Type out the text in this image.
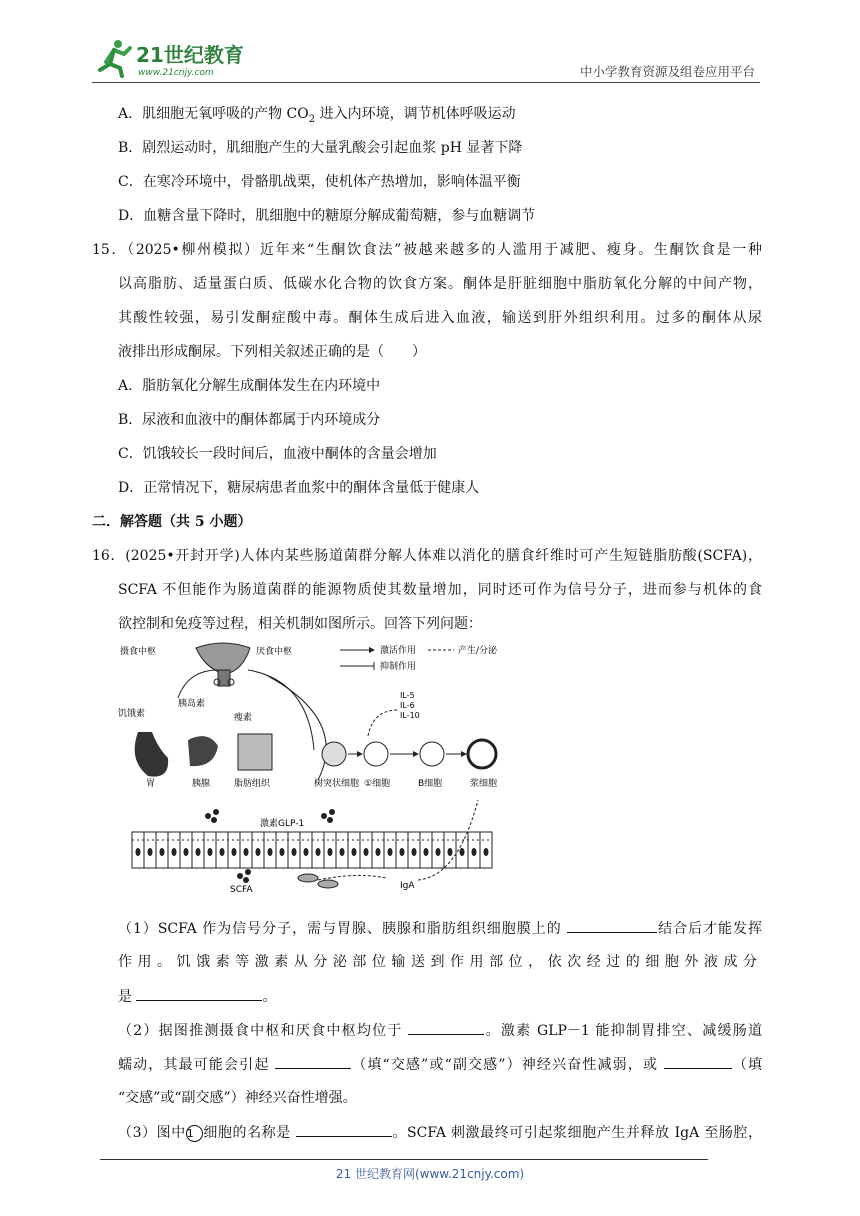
21世纪教育
www.21cnjy.com	中小学教育资源及组卷应用平台
A．肌细胞无氧呼吸的产物 $CO_2$ 进入内环境，调节机体呼吸运动
B．剧烈运动时，肌细胞产生的大量乳酸会引起血浆 pH 显著下降
C．在寒冷环境中，骨骼肌战栗，使机体产热增加，影响体温平衡
D．血糖含量下降时，肌细胞中的糖原分解成葡萄糖，参与血糖调节
15．（2025•柳州模拟）近年来“生酮饮食法”被越来越多的人滥用于减肥、瘦身。生酮饮食是一种
以高脂肪、适量蛋白质、低碳水化合物的饮食方案。酮体是肝脏细胞中脂肪氧化分解的中间产物，
其酸性较强，易引发酮症酸中毒。酮体生成后进入血液，输送到肝外组织利用。过多的酮体从尿
液排出形成酮尿。下列相关叙述正确的是（　　）
A．脂肪氧化分解生成酮体发生在内环境中
B．尿液和血液中的酮体都属于内环境成分
C．饥饿较长一段时间后，血液中酮体的含量会增加
D．正常情况下，糖尿病患者血浆中的酮体含量低于健康人
二．解答题（共 5 小题）
16．(2025•开封开学)人体内某些肠道菌群分解人体难以消化的膳食纤维时可产生短链脂肪酸(SCFA)，
SCFA 不但能作为肠道菌群的能源物质使其数量增加，同时还可作为信号分子，进而参与机体的食
欲控制和免疫等过程，相关机制如图所示。回答下列问题：
摄食中枢	厌食中枢	激活作用	产生/分泌
抑制作用
饥饿素
胰岛素
瘦素
胃	胰腺	脂肪组织
IL-5
IL-6
IL-10
树突状细胞 ①细胞	B细胞	浆细胞
激素GLP-1
SCFA	IgA
（1）SCFA 作为信号分子，需与胃腺、胰腺和脂肪组织细胞膜上的	结合后才能发挥
作用。饥饿素等激素从分泌部位输送到作用部位，依次经过的细胞外液成分
是	。
（2）据图推测摄食中枢和厌食中枢均位于	。激素 GLP－1 能抑制胃排空、减缓肠道
蠕动，其最可能会引起	（填“交感”或“副交感”）神经兴奋性减弱，或	（填
“交感”或“副交感”）神经兴奋性增强。
（3）图中1 细胞的名称是	。SCFA 刺激最终可引起浆细胞产生并释放 IgA 至肠腔，
21 世纪教育网(www.21cnjy.com)
